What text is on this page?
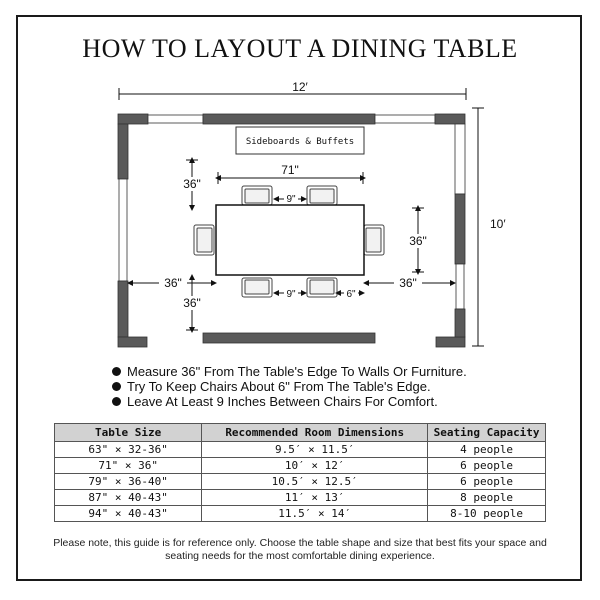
HOW TO LAYOUT A DINING TABLE
12′
10′
Sideboards & Buffets
71"
36"
9"
36"
36"
9"	6"
36"
36"
Measure 36" From The Table's Edge To Walls Or Furniture.
Try To Keep Chairs About 6" From The Table's Edge.
Leave At Least 9 Inches Between Chairs For Comfort.
Table Size	Recommended Room Dimensions	Seating Capacity
63" × 32-36"	9.5′ × 11.5′	4 people
71" × 36"	10′ × 12′	6 people
79" × 36-40"	10.5′ × 12.5′	6 people
87" × 40-43"	11′ × 13′	8 people
94" × 40-43"	11.5′ × 14′	8-10 people
Please note, this guide is for reference only. Choose the table shape and size that best fits your space and seating needs for the most comfortable dining experience.
